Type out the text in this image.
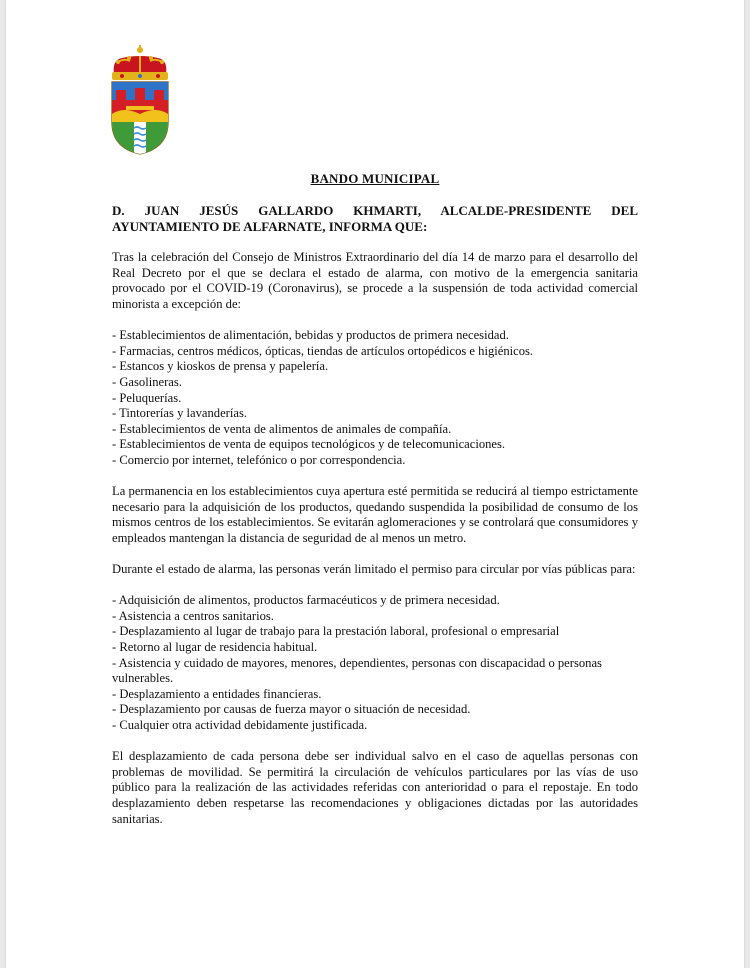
BANDO MUNICIPAL

D. JUAN JESÚS GALLARDO KHMARTI, ALCALDE-PRESIDENTE DEL
AYUNTAMIENTO DE ALFARNATE, INFORMA QUE:

Tras la celebración del Consejo de Ministros Extraordinario del día 14 de marzo para el desarrollo del Real Decreto por el que se declara el estado de alarma, con motivo de la emergencia sanitaria provocado por el COVID-19 (Coronavirus), se procede a la suspensión de toda actividad comercial minorista a excepción de:

- Establecimientos de alimentación, bebidas y productos de primera necesidad.
- Farmacias, centros médicos, ópticas, tiendas de artículos ortopédicos e higiénicos.
- Estancos y kioskos de prensa y papelería.
- Gasolineras.
- Peluquerías.
- Tintorerías y lavanderías.
- Establecimientos de venta de alimentos de animales de compañía.
- Establecimientos de venta de equipos tecnológicos y de telecomunicaciones.
- Comercio por internet, telefónico o por correspondencia.

La permanencia en los establecimientos cuya apertura esté permitida se reducirá al tiempo estrictamente necesario para la adquisición de los productos, quedando suspendida la posibilidad de consumo de los mismos centros de los establecimientos. Se evitarán aglomeraciones y se controlará que consumidores y empleados mantengan la distancia de seguridad de al menos un metro.

Durante el estado de alarma, las personas verán limitado el permiso para circular por vías públicas para:

- Adquisición de alimentos, productos farmacéuticos y de primera necesidad.
- Asistencia a centros sanitarios.
- Desplazamiento al lugar de trabajo para la prestación laboral, profesional o empresarial
- Retorno al lugar de residencia habitual.
- Asistencia y cuidado de mayores, menores, dependientes, personas con discapacidad o personas vulnerables.
- Desplazamiento a entidades financieras.
- Desplazamiento por causas de fuerza mayor o situación de necesidad.
- Cualquier otra actividad debidamente justificada.

El desplazamiento de cada persona debe ser individual salvo en el caso de aquellas personas con problemas de movilidad. Se permitirá la circulación de vehículos particulares por las vías de uso público para la realización de las actividades referidas con anterioridad o para el repostaje. En todo desplazamiento deben respetarse las recomendaciones y obligaciones dictadas por las autoridades sanitarias.
